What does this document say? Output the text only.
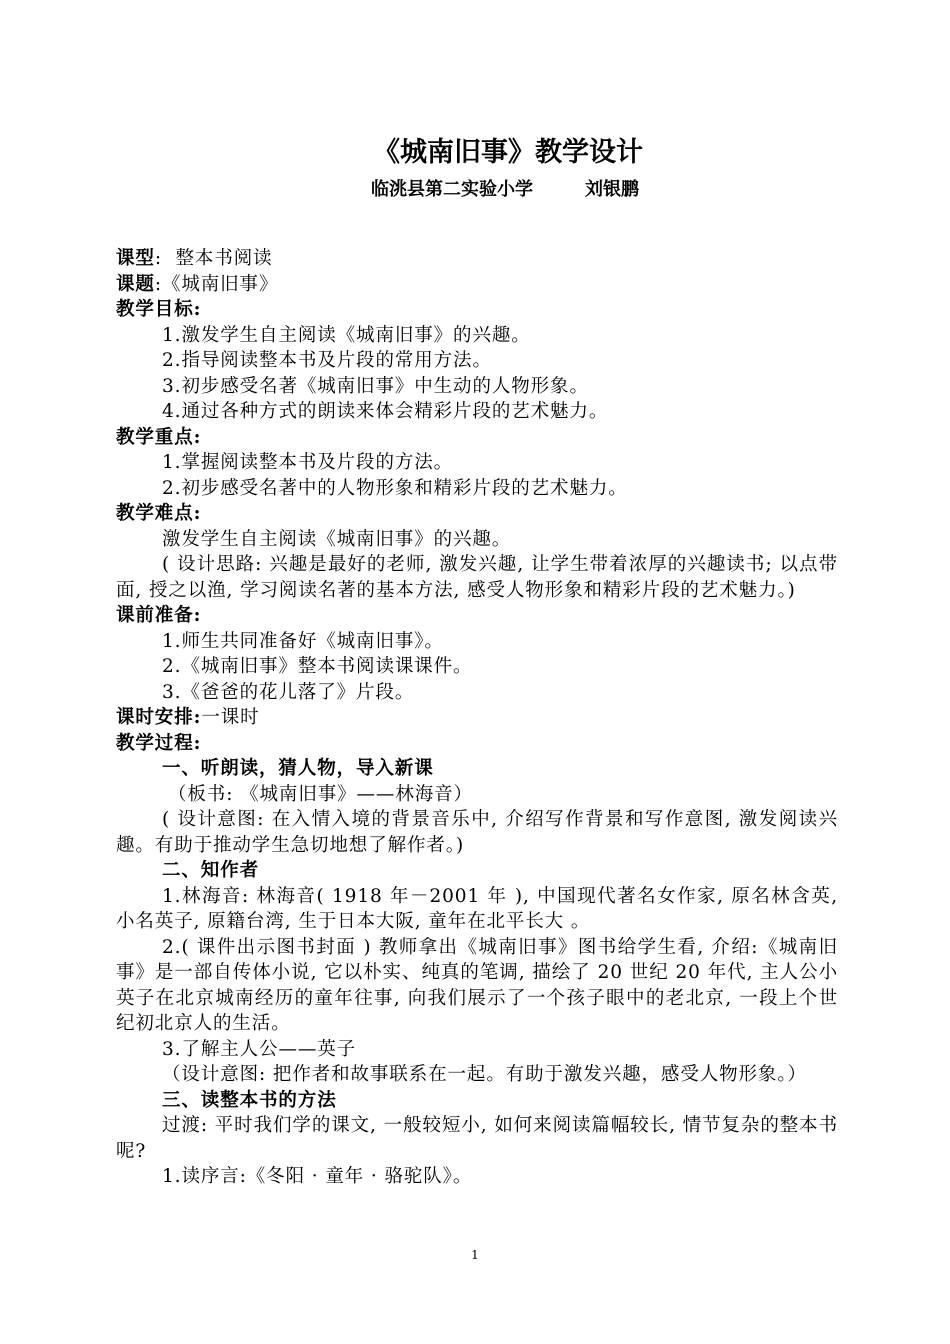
《城南旧事》教学设计
临洮县第二实验小学	刘银鹏
课型:  整本书阅读
课题:《城南旧事》
教学目标:
1.激发学生自主阅读《城南旧事》的兴趣。
2.指导阅读整本书及片段的常用方法。
3.初步感受名著《城南旧事》中生动的人物形象。
4.通过各种方式的朗读来体会精彩片段的艺术魅力。
教学重点:
1.掌握阅读整本书及片段的方法。
2.初步感受名著中的人物形象和精彩片段的艺术魅力。
教学难点:
激发学生自主阅读《城南旧事》的兴趣。
( 设计思路: 兴趣是最好的老师, 激发兴趣, 让学生带着浓厚的兴趣读书; 以点带面, 授之以渔, 学习阅读名著的基本方法, 感受人物形象和精彩片段的艺术魅力。)
课前准备:
1.师生共同准备好《城南旧事》。
2.《城南旧事》整本书阅读课课件。
3.《爸爸的花儿落了》片段。
课时安排:一课时
教学过程:
一、听朗读，猜人物，导入新课
（板书: 《城南旧事》——林海音）
( 设计意图: 在入情入境的背景音乐中, 介绍写作背景和写作意图, 激发阅读兴趣。有助于推动学生急切地想了解作者。)
二、知作者
1.林海音: 林海音( 1918 年－2001 年 ), 中国现代著名女作家, 原名林含英, 小名英子, 原籍台湾, 生于日本大阪, 童年在北平长大 。
2.( 课件出示图书封面 ) 教师拿出《城南旧事》图书给学生看, 介绍:《城南旧事》是一部自传体小说, 它以朴实、纯真的笔调, 描绘了 20 世纪 20 年代, 主人公小英子在北京城南经历的童年往事, 向我们展示了一个孩子眼中的老北京, 一段上个世纪初北京人的生活。
3.了解主人公——英子
（设计意图: 把作者和故事联系在一起。有助于激发兴趣，感受人物形象。）
三、读整本书的方法
过渡: 平时我们学的课文, 一般较短小, 如何来阅读篇幅较长, 情节复杂的整本书呢?
1.读序言:《冬阳 · 童年 · 骆驼队》。
1
